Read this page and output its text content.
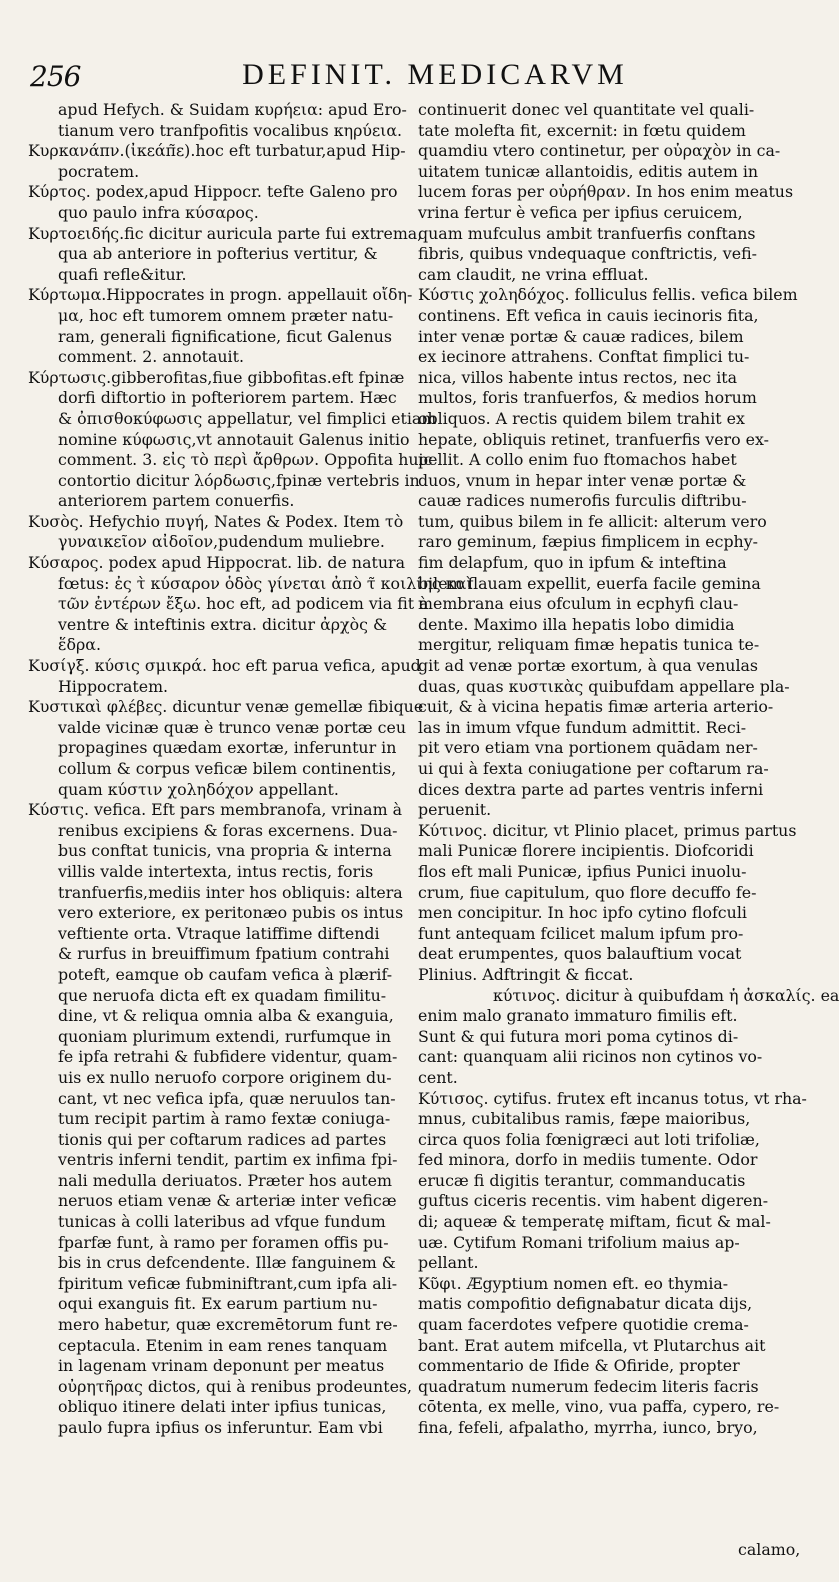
256	DEFINIT. MEDICARVM
apud Hefych. & Suidam κυρήεια: apud Ero-
tianum vero tranfpofitis vocalibus κηρύεια.
Κυρκανάπν.(ἰκεάπ̃ε).hoc eft turbatur,apud Hip-
pocratem.
Κύρτος. podex,apud Hippocr. tefte Galeno pro
quo paulo infra κύσαρος.
Κυρτοειδής.fic dicitur auricula parte fui extrema,
qua ab anteriore in pofterius vertitur, &
quafi refle&itur.
Κύρτωμα.Hippocrates in progn. appellauit οἴδη-
μα, hoc eft tumorem omnem præter natu-
ram, generali fignificatione, ficut Galenus
comment. 2. annotauit.
Κύρτωσις.gibberofitas,fiue gibbofitas.eft fpinæ
dorfi diftortio in pofteriorem partem. Hæc
& ὀπισθοκύφωσις appellatur, vel fimplici etiam
nomine κύφωσις,vt annotauit Galenus initio
comment. 3. εἰς τὸ περὶ ἄρθρων. Oppofita huic
contortio dicitur λόρδωσις,fpinæ vertebris in
anteriorem partem conuerfis.
Κυσὸς. Hefychio πυγή, Nates & Podex. Item τὸ
γυναικεῖον αἰδοῖον,pudendum muliebre.
Κύσαρος. podex apud Hippocrat. lib. de natura
fœtus: ἐς τ̀ κύσαρον ὁδὸς γίνεται ἀπὸ τ̃ κοιλίης καὶ
τῶν ἐντέρων ἔξω. hoc eft, ad podicem via fit à
ventre & inteftinis extra. dicitur ἀρχὸς &
ἕδρα.
Κυσίγξ. κύσις σμικρά. hoc eft parua vefica, apud
Hippocratem.
Κυστικαὶ φλέβες. dicuntur venæ gemellæ fibique
valde vicinæ quæ è trunco venæ portæ ceu
propagines quædam exortæ, inferuntur in
collum & corpus veficæ bilem continentis,
quam κύστιν χοληδόχον appellant.
Κύστις. vefica. Eft pars membranofa, vrinam à
renibus excipiens & foras excernens. Dua-
bus conftat tunicis, vna propria & interna
villis valde intertexta, intus rectis, foris
tranfuerfis,mediis inter hos obliquis: altera
vero exteriore, ex peritonæo pubis os intus
veftiente orta. Vtraque latiffime diftendi
& rurfus in breuiffimum fpatium contrahi
poteft, eamque ob caufam vefica à plærif-
que neruofa dicta eft ex quadam fimilitu-
dine, vt & reliqua omnia alba & exanguia,
quoniam plurimum extendi, rurfumque in
fe ipfa retrahi & fubfidere videntur, quam-
uis ex nullo neruofo corpore originem du-
cant, vt nec vefica ipfa, quæ neruulos tan-
tum recipit partim à ramo fextæ coniuga-
tionis qui per coftarum radices ad partes
ventris inferni tendit, partim ex infima fpi-
nali medulla deriuatos. Præter hos autem
neruos etiam venæ & arteriæ inter veficæ
tunicas à colli lateribus ad vfque fundum
fparfæ funt, à ramo per foramen offis pu-
bis in crus defcendente. Illæ fanguinem &
fpiritum veficæ fubminiftrant,cum ipfa ali-
oqui exanguis fit. Ex earum partium nu-
mero habetur, quæ excremētorum funt re-
ceptacula. Etenim in eam renes tanquam
in lagenam vrinam deponunt per meatus
οὐρητῆρας dictos, qui à renibus prodeuntes,
obliquo itinere delati inter ipfius tunicas,
paulo fupra ipfius os inferuntur. Eam vbi
continuerit donec vel quantitate vel quali-
tate molefta fit, excernit: in fœtu quidem
quamdiu vtero continetur, per οὐραχὸν in ca-
uitatem tunicæ allantoidis, editis autem in
lucem foras per οὐρήθραν. In hos enim meatus
vrina fertur è vefica per ipfius ceruicem,
quam mufculus ambit tranfuerfis conftans
fibris, quibus vndequaque conftrictis, vefi-
cam claudit, ne vrina effluat.
Κύστις χοληδόχος. folliculus fellis. vefica bilem
continens. Eft vefica in cauis iecinoris fita,
inter venæ portæ & cauæ radices, bilem
ex iecinore attrahens. Conftat fimplici tu-
nica, villos habente intus rectos, nec ita
multos, foris tranfuerfos, & medios horum
obliquos. A rectis quidem bilem trahit ex
hepate, obliquis retinet, tranfuerfis vero ex-
pellit. A collo enim fuo ftomachos habet
duos, vnum in hepar inter venæ portæ &
cauæ radices numerofis furculis diftribu-
tum, quibus bilem in fe allicit: alterum vero
raro geminum, fæpius fimplicem in ecphy-
fim delapfum, quo in ipfum & inteftina
bilem flauam expellit, euerfa facile gemina
membrana eius ofculum in ecphyfi clau-
dente. Maximo illa hepatis lobo dimidia
mergitur, reliquam fimæ hepatis tunica te-
git ad venæ portæ exortum, à qua venulas
duas, quas κυστικὰς quibufdam appellare pla-
cuit, & à vicina hepatis fimæ arteria arterio-
las in imum vfque fundum admittit. Reci-
pit vero etiam vna portionem quādam ner-
ui qui à fexta coniugatione per coftarum ra-
dices dextra parte ad partes ventris inferni
peruenit.
Κύτινος. dicitur, vt Plinio placet, primus partus
mali Punicæ florere incipientis. Diofcoridi
flos eft mali Punicæ, ipfius Punici inuolu-
crum, fiue capitulum, quo flore decuffo fe-
men concipitur. In hoc ipfo cytino flofculi
funt antequam fcilicet malum ipfum pro-
deat erumpentes, quos balauftium vocat
Plinius. Adftringit & ficcat.
κύτινος. dicitur à quibufdam ἡ ἀσκαλίς. ea
enim malo granato immaturo fimilis eft.
Sunt & qui futura mori poma cytinos di-
cant: quanquam alii ricinos non cytinos vo-
cent.
Κύτισος. cytifus. frutex eft incanus totus, vt rha-
mnus, cubitalibus ramis, fæpe maioribus,
circa quos folia fœnigræci aut loti trifoliæ,
fed minora, dorfo in mediis tumente. Odor
erucæ fi digitis terantur, commanducatis
guftus ciceris recentis. vim habent digeren-
di; aqueæ & temperatę miftam, ficut & mal-
uæ. Cytifum Romani trifolium maius ap-
pellant.
Κῦφι. Ægyptium nomen eft. eo thymia-
matis compofitio defignabatur dicata dijs,
quam facerdotes vefpere quotidie crema-
bant. Erat autem mifcella, vt Plutarchus ait
commentario de Ifide & Ofiride, propter
quadratum numerum fedecim literis facris
cōtenta, ex melle, vino, vua paffa, cypero, re-
fina, fefeli, afpalatho, myrrha, iunco, bryo,
calamo,
